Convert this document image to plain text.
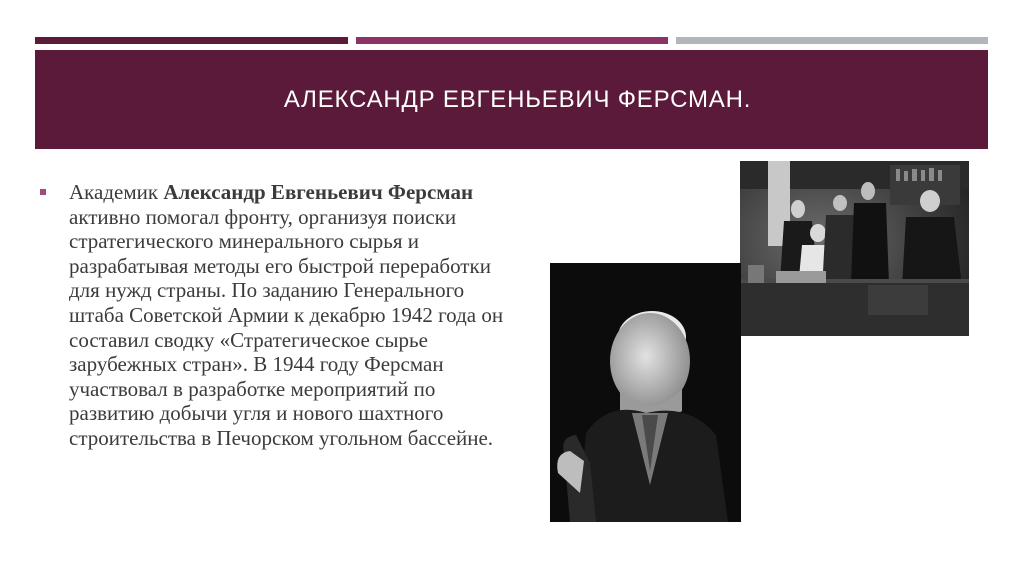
АЛЕКСАНДР ЕВГЕНЬЕВИЧ ФЕРСМАН.

Академик Александр Евгеньевич Ферсман активно помогал фронту, организуя поиски стратегического минерального сырья и разрабатывая методы его быстрой переработки для нужд страны. По заданию Генерального штаба Советской Армии к декабрю 1942 года он составил сводку «Стратегическое сырье зарубежных стран». В 1944 году Ферсман участвовал в разработке мероприятий по развитию добычи угля и нового шахтного строительства в Печорском угольном бассейне.
